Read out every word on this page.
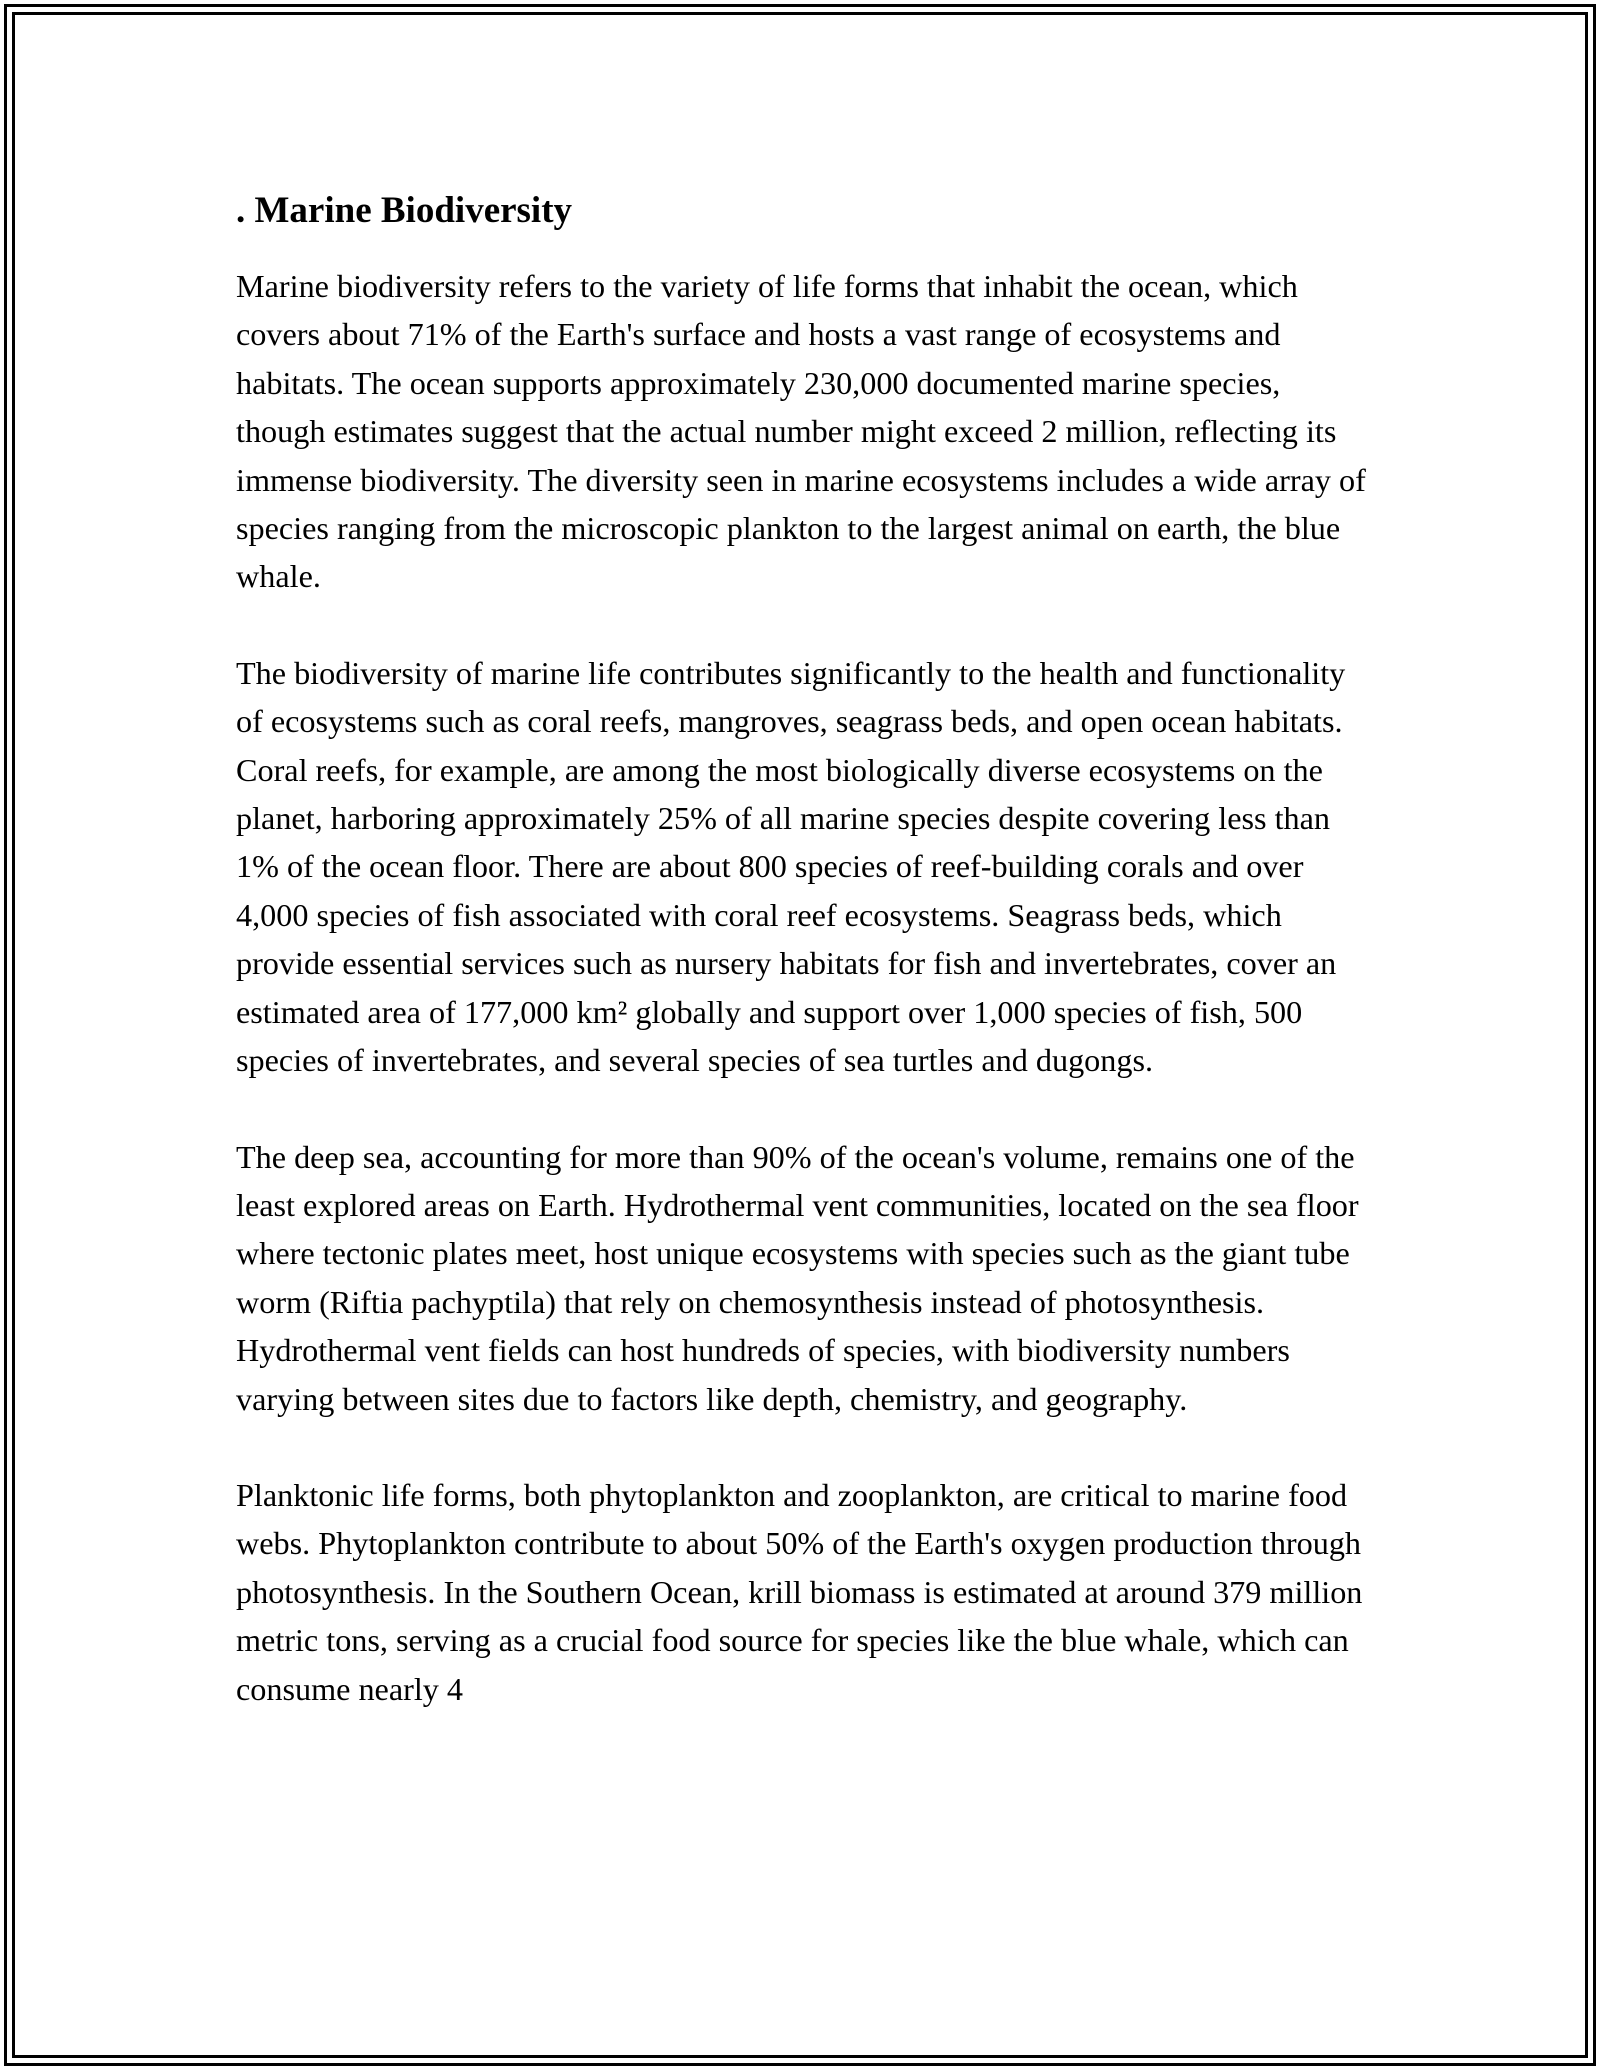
. Marine Biodiversity

Marine biodiversity refers to the variety of life forms that inhabit the ocean, which covers about 71% of the Earth's surface and hosts a vast range of ecosystems and habitats. The ocean supports approximately 230,000 documented marine species, though estimates suggest that the actual number might exceed 2 million, reflecting its immense biodiversity. The diversity seen in marine ecosystems includes a wide array of species ranging from the microscopic plankton to the largest animal on earth, the blue whale.

The biodiversity of marine life contributes significantly to the health and functionality of ecosystems such as coral reefs, mangroves, seagrass beds, and open ocean habitats. Coral reefs, for example, are among the most biologically diverse ecosystems on the planet, harboring approximately 25% of all marine species despite covering less than 1% of the ocean floor. There are about 800 species of reef-building corals and over 4,000 species of fish associated with coral reef ecosystems. Seagrass beds, which provide essential services such as nursery habitats for fish and invertebrates, cover an estimated area of 177,000 km² globally and support over 1,000 species of fish, 500 species of invertebrates, and several species of sea turtles and dugongs.

The deep sea, accounting for more than 90% of the ocean's volume, remains one of the least explored areas on Earth. Hydrothermal vent communities, located on the sea floor where tectonic plates meet, host unique ecosystems with species such as the giant tube worm (Riftia pachyptila) that rely on chemosynthesis instead of photosynthesis. Hydrothermal vent fields can host hundreds of species, with biodiversity numbers varying between sites due to factors like depth, chemistry, and geography.

Planktonic life forms, both phytoplankton and zooplankton, are critical to marine food webs. Phytoplankton contribute to about 50% of the Earth's oxygen production through photosynthesis. In the Southern Ocean, krill biomass is estimated at around 379 million metric tons, serving as a crucial food source for species like the blue whale, which can consume nearly 4
